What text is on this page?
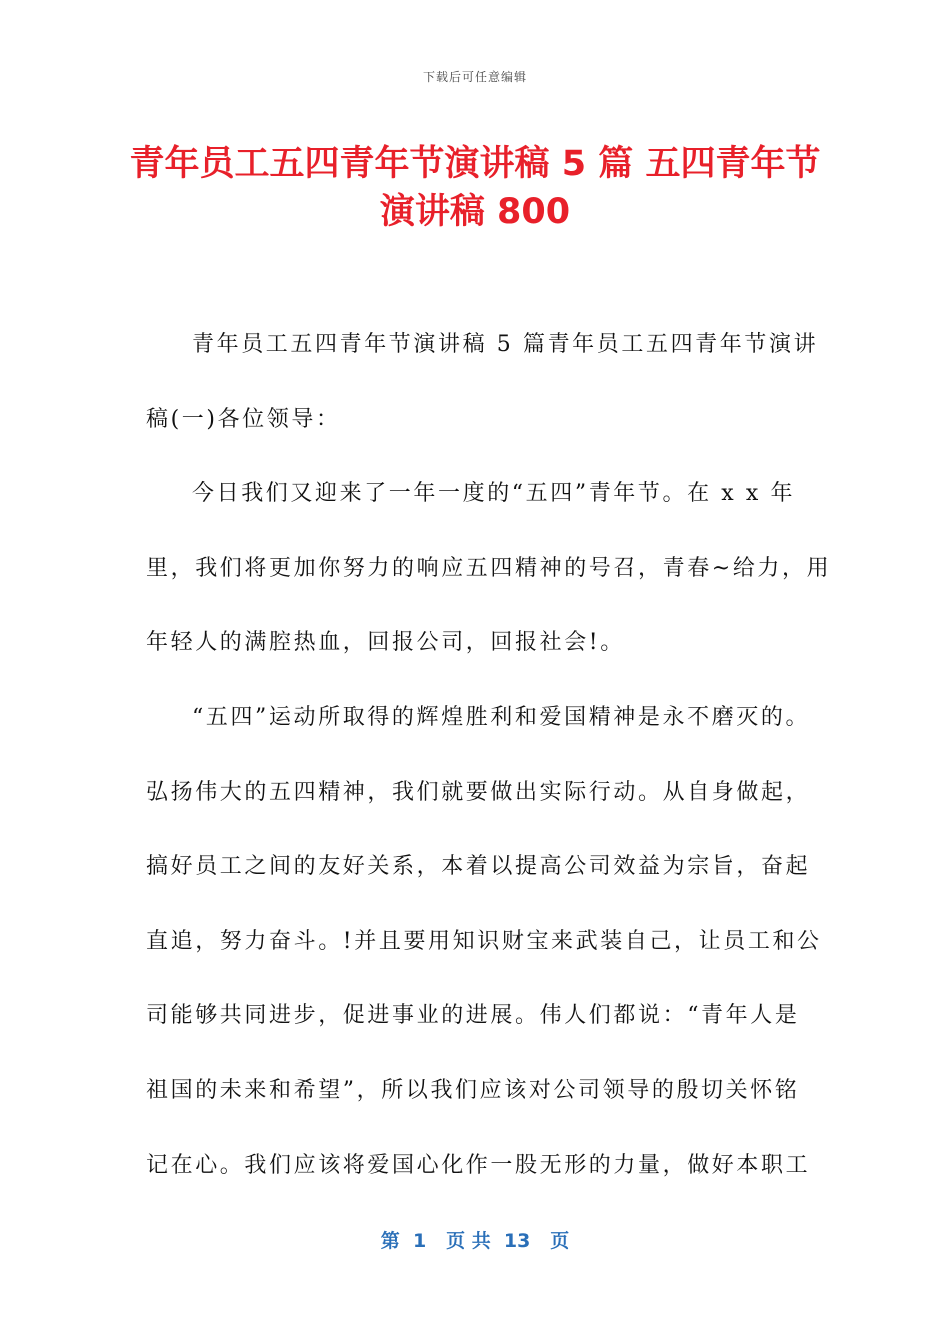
下载后可任意编辑
青年员工五四青年节演讲稿 5 篇 五四青年节
演讲稿 800
青年员工五四青年节演讲稿 5 篇青年员工五四青年节演讲
稿(一)各位领导：
今日我们又迎来了一年一度的“五四”青年节。在 x x 年
里，我们将更加你努力的响应五四精神的号召，青春~给力，用
年轻人的满腔热血，回报公司，回报社会!。
“五四”运动所取得的辉煌胜利和爱国精神是永不磨灭的。
弘扬伟大的五四精神，我们就要做出实际行动。从自身做起，
搞好员工之间的友好关系，本着以提高公司效益为宗旨，奋起
直追，努力奋斗。!并且要用知识财宝来武装自己，让员工和公
司能够共同进步，促进事业的进展。伟人们都说：“青年人是
祖国的未来和希望”，所以我们应该对公司领导的殷切关怀铭
记在心。我们应该将爱国心化作一股无形的力量，做好本职工
第  1   页 共  13   页
